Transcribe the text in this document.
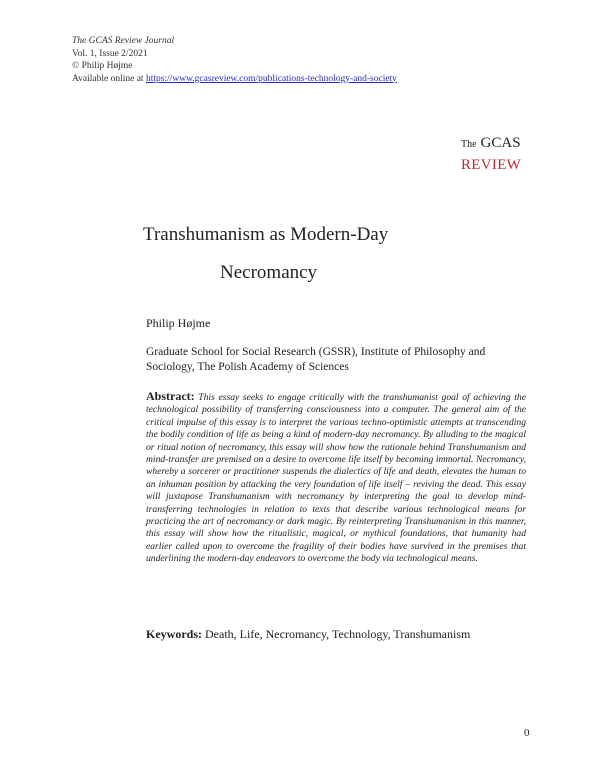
The GCAS Review Journal
Vol. 1, Issue 2/2021
© Philip Højme
Available online at https://www.gcasreview.com/publications-technology-and-society
The GCAS
REVIEW
Transhumanism as Modern-Day
Necromancy
Philip Højme
Graduate School for Social Research (GSSR), Institute of Philosophy and Sociology, The Polish Academy of Sciences
Abstract: This essay seeks to engage critically with the transhumanist goal of achieving the technological possibility of transferring consciousness into a computer. The general aim of the critical impulse of this essay is to interpret the various techno-optimistic attempts at transcending the bodily condition of life as being a kind of modern-day necromancy. By alluding to the magical or ritual notion of necromancy, this essay will show how the rationale behind Transhumanism and mind-transfer are premised on a desire to overcome life itself by becoming immortal. Necromancy, whereby a sorcerer or practitioner suspends the dialectics of life and death, elevates the human to an inhuman position by attacking the very foundation of life itself – reviving the dead. This essay will juxtapose Transhumanism with necromancy by interpreting the goal to develop mind-transferring technologies in relation to texts that describe various technological means for practicing the art of necromancy or dark magic. By reinterpreting Transhumanism in this manner, this essay will show how the ritualistic, magical, or mythical foundations, that humanity had earlier called upon to overcome the fragility of their bodies have survived in the premises that underlining the modern-day endeavors to overcome the body via technological means.
Keywords: Death, Life, Necromancy, Technology, Transhumanism
0
